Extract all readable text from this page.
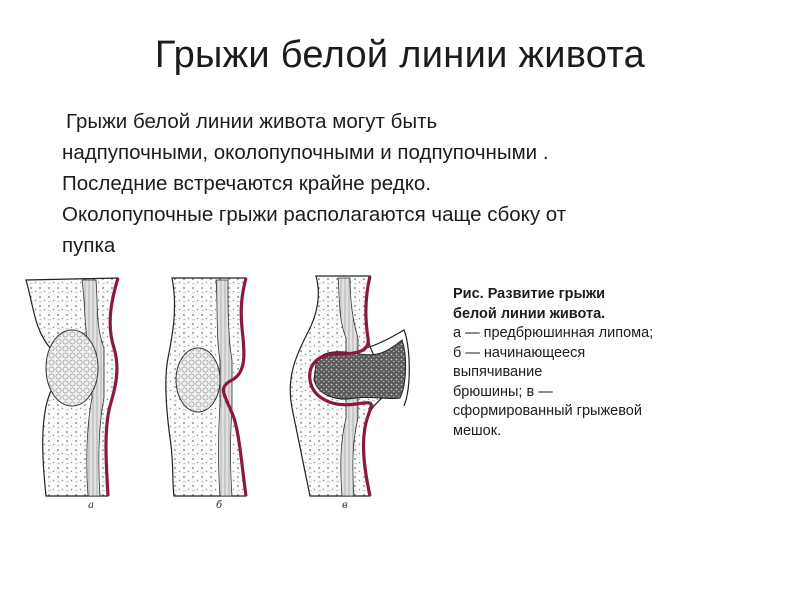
Грыжи белой линии живота
Грыжи белой линии живота могут быть
надпупочными, околопупочными и подпупочными .
Последние встречаются крайне редко.
Околопупочные грыжи располагаются чаще сбоку от
пупка
а	б	в
Рис. Развитие грыжи
белой линии живота.
а — предбрюшинная липома;
б — начинающееся
выпячивание
брюшины; в —
сформированный грыжевой
мешок.
